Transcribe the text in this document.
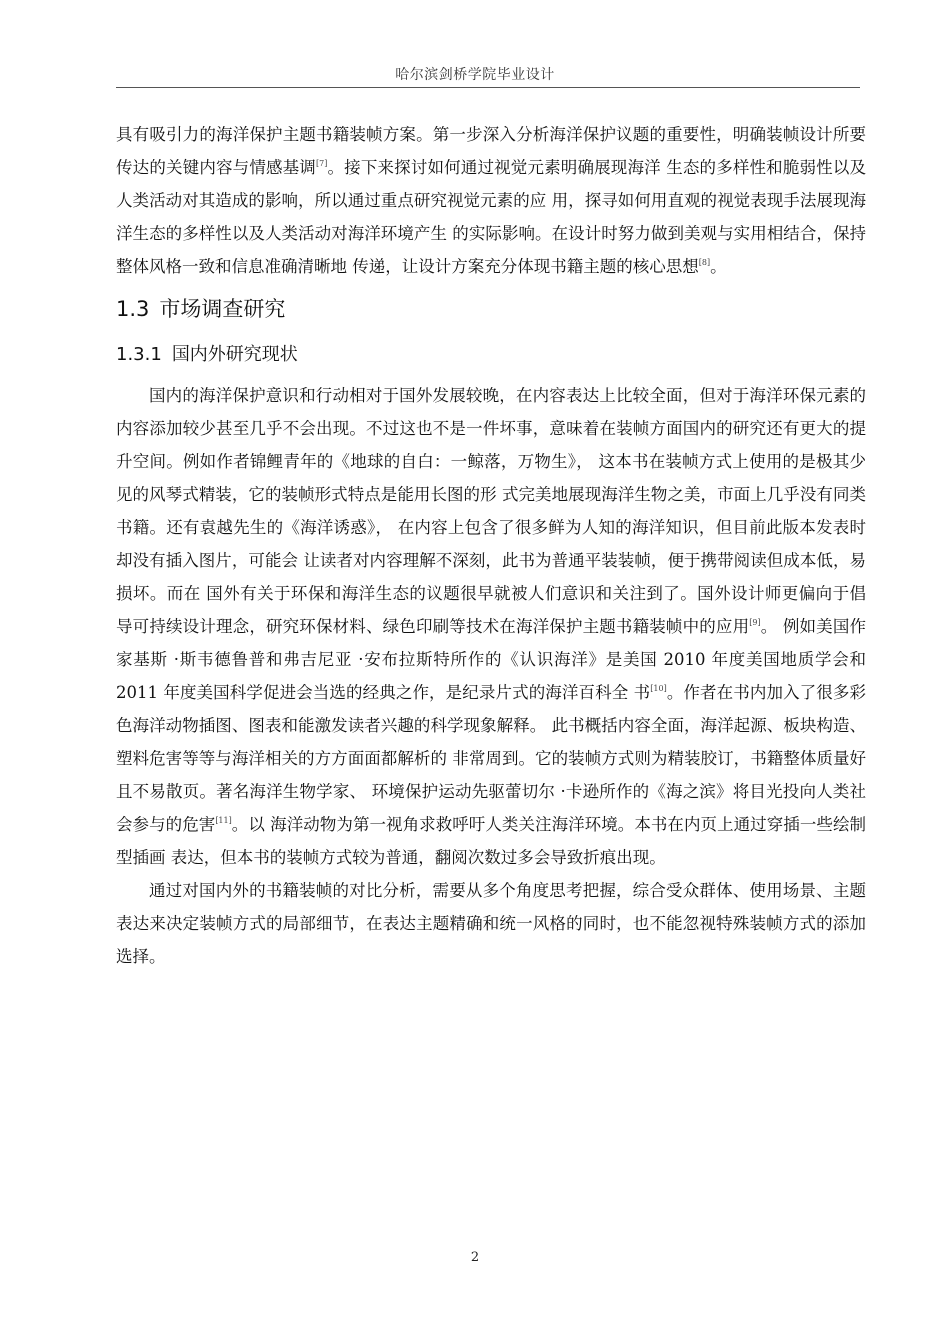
哈尔滨剑桥学院毕业设计

具有吸引力的海洋保护主题书籍装帧方案。第一步深入分析海洋保护议题的重要性，明确装帧设计所要传达的关键内容与情感基调[7]。接下来探讨如何通过视觉元素明确展现海洋 生态的多样性和脆弱性以及人类活动对其造成的影响，所以通过重点研究视觉元素的应 用，探寻如何用直观的视觉表现手法展现海洋生态的多样性以及人类活动对海洋环境产生 的实际影响。在设计时努力做到美观与实用相结合，保持整体风格一致和信息准确清晰地 传递，让设计方案充分体现书籍主题的核心思想[8]。

1.3 市场调查研究
1.3.1 国内外研究现状

国内的海洋保护意识和行动相对于国外发展较晚，在内容表达上比较全面，但对于海洋环保元素的内容添加较少甚至几乎不会出现。不过这也不是一件坏事，意味着在装帧方面国内的研究还有更大的提升空间。例如作者锦鲤青年的《地球的自白：一鲸落，万物生》， 这本书在装帧方式上使用的是极其少见的风琴式精装，它的装帧形式特点是能用长图的形 式完美地展现海洋生物之美，市面上几乎没有同类书籍。还有袁越先生的《海洋诱惑》， 在内容上包含了很多鲜为人知的海洋知识，但目前此版本发表时却没有插入图片，可能会 让读者对内容理解不深刻，此书为普通平装装帧，便于携带阅读但成本低，易损坏。而在 国外有关于环保和海洋生态的议题很早就被人们意识和关注到了。国外设计师更偏向于倡 导可持续设计理念，研究环保材料、绿色印刷等技术在海洋保护主题书籍装帧中的应用[9]。 例如美国作家基斯 ·斯韦德鲁普和弗吉尼亚 ·安布拉斯特所作的《认识海洋》是美国 2010 年度美国地质学会和 2011 年度美国科学促进会当选的经典之作，是纪录片式的海洋百科全 书[10]。作者在书内加入了很多彩色海洋动物插图、图表和能激发读者兴趣的科学现象解释。 此书概括内容全面，海洋起源、板块构造、塑料危害等等与海洋相关的方方面面都解析的 非常周到。它的装帧方式则为精装胶订，书籍整体质量好且不易散页。著名海洋生物学家、 环境保护运动先驱蕾切尔 ·卡逊所作的《海之滨》将目光投向人类社会参与的危害[11]。以 海洋动物为第一视角求救呼吁人类关注海洋环境。本书在内页上通过穿插一些绘制型插画 表达，但本书的装帧方式较为普通，翻阅次数过多会导致折痕出现。

通过对国内外的书籍装帧的对比分析，需要从多个角度思考把握，综合受众群体、使用场景、主题表达来决定装帧方式的局部细节，在表达主题精确和统一风格的同时，也不能忽视特殊装帧方式的添加选择。

2
